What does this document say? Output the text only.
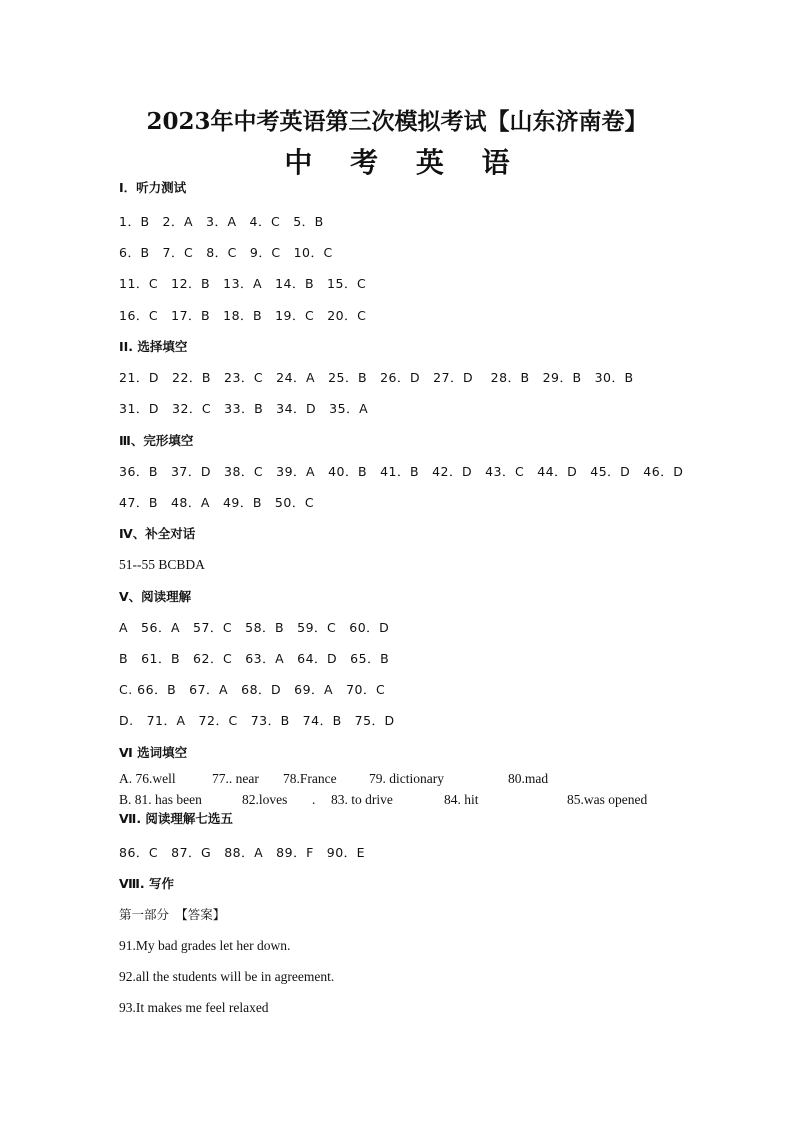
2023年中考英语第三次模拟考试【山东济南卷】
中 考 英 语
Ⅰ．听力测试
1．B　2．A　3．A　4．C　5．B
6．B　7．C　8．C　9．C　10．C
11．C　12．B　13．A　14．B　15．C
16．C　17．B　18．B　19．C　20．C
II. 选择填空
21．D　22．B　23．C　24．A　25．B　26．D　27．D　 28．B　29．B　30．B
31．D　32．C　33．B　34．D　35．A
Ⅲ、完形填空
36．B　37．D　38．C　39．A　40．B　41．B　42．D　43．C　44．D　45．D　46．D
47．B　48．A　49．B　50．C
Ⅳ、补全对话
51--55 BCBDA
Ⅴ、阅读理解
A　56．A　57．C　58．B　59．C　60．D
B　61．B　62．C　63．A　64．D　65．B
C. 66．B　67．A　68．D　69．A　70．C
D.　71．A　72．C　73．B　74．B　75．D
Ⅵ 选词填空
A. 76.well	77.. near 78.France 79. dictionary	80.mad
B. 81. has been	82.loves . 83. to drive	84. hit	85.was opened
Ⅶ. 阅读理解七选五
86．C　87．G　88．A　89．F　90．E
Ⅷ. 写作
第一部分　【答案】
91.My bad grades let her down.
92.all the students will be in agreement.
93.It makes me feel relaxed
